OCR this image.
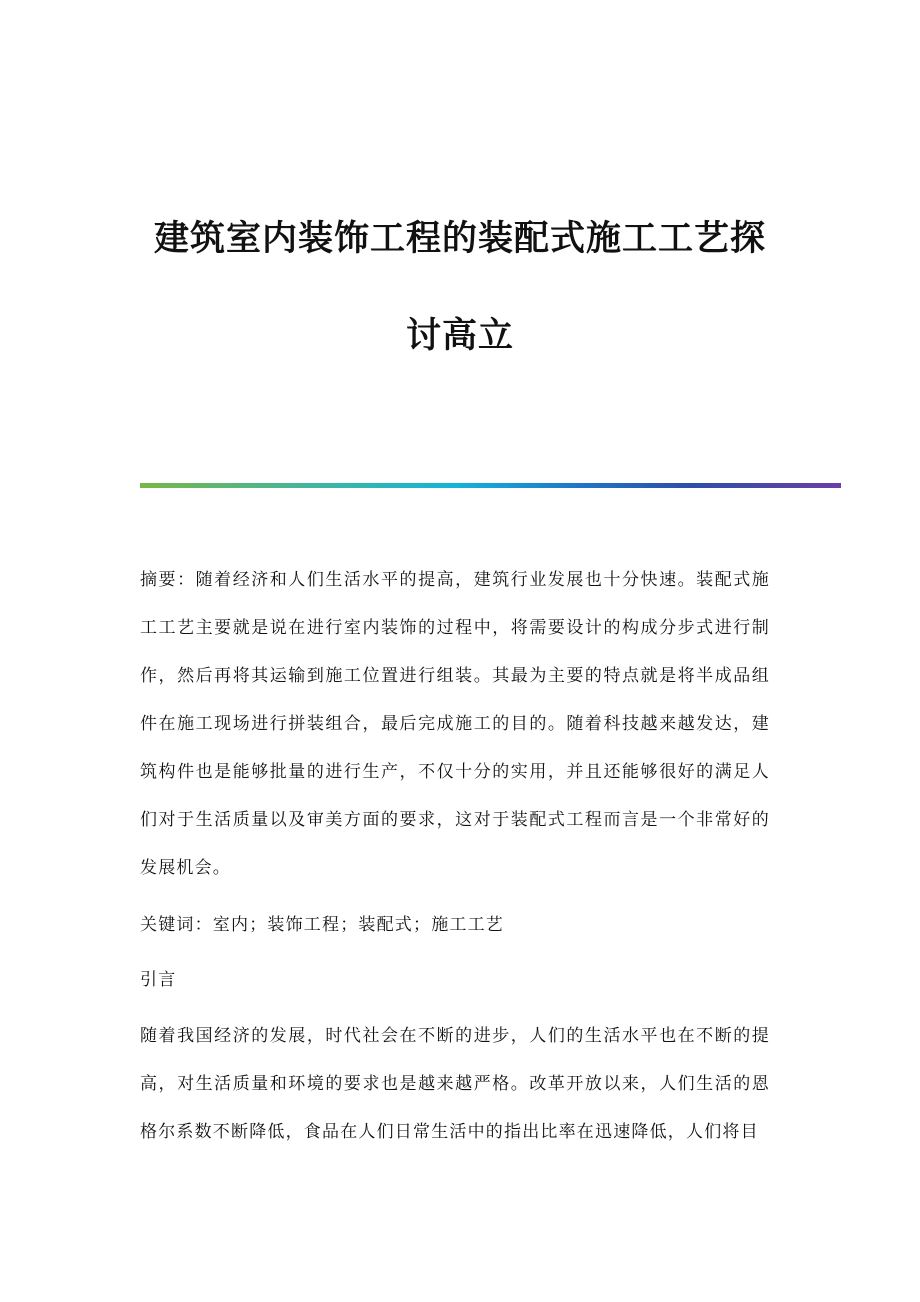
建筑室内装饰工程的装配式施工工艺探
讨高立

摘要：随着经济和人们生活水平的提高，建筑行业发展也十分快速。装配式施工工艺主要就是说在进行室内装饰的过程中，将需要设计的构成分步式进行制作，然后再将其运输到施工位置进行组装。其最为主要的特点就是将半成品组件在施工现场进行拼装组合，最后完成施工的目的。随着科技越来越发达，建筑构件也是能够批量的进行生产，不仅十分的实用，并且还能够很好的满足人们对于生活质量以及审美方面的要求，这对于装配式工程而言是一个非常好的发展机会。

关键词：室内；装饰工程；装配式；施工工艺

引言

随着我国经济的发展，时代社会在不断的进步，人们的生活水平也在不断的提高，对生活质量和环境的要求也是越来越严格。改革开放以来，人们生活的恩格尔系数不断降低，食品在人们日常生活中的指出比率在迅速降低，人们将目
